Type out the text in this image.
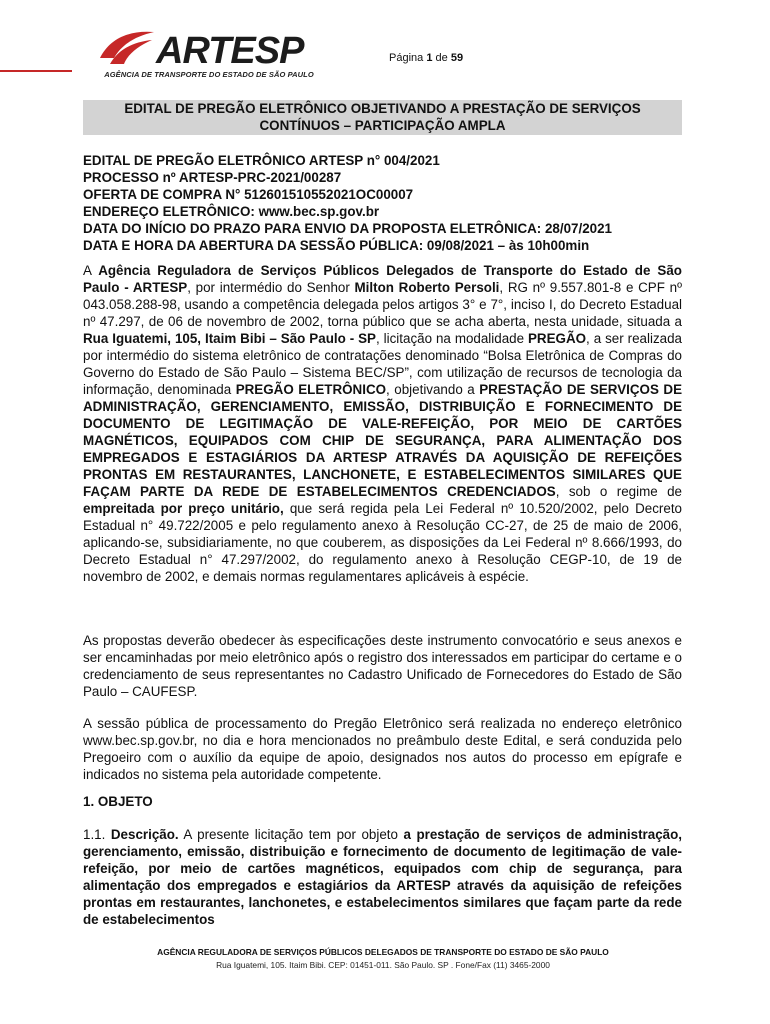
ARTESP
AGÊNCIA DE TRANSPORTE DO ESTADO DE SÃO PAULO
Página 1 de 59
EDITAL DE PREGÃO ELETRÔNICO OBJETIVANDO A PRESTAÇÃO DE SERVIÇOS
CONTÍNUOS – PARTICIPAÇÃO AMPLA
EDITAL DE PREGÃO ELETRÔNICO ARTESP n° 004/2021
PROCESSO nº ARTESP-PRC-2021/00287
OFERTA DE COMPRA N° 512601510552021OC00007
ENDEREÇO ELETRÔNICO: www.bec.sp.gov.br
DATA DO INÍCIO DO PRAZO PARA ENVIO DA PROPOSTA ELETRÔNICA: 28/07/2021
DATA E HORA DA ABERTURA DA SESSÃO PÚBLICA: 09/08/2021 – às 10h00min
A Agência Reguladora de Serviços Públicos Delegados de Transporte do Estado de São Paulo - ARTESP, por intermédio do Senhor Milton Roberto Persoli, RG nº 9.557.801-8 e CPF nº 043.058.288-98, usando a competência delegada pelos artigos 3° e 7°, inciso I, do Decreto Estadual nº 47.297, de 06 de novembro de 2002, torna público que se acha aberta, nesta unidade, situada a Rua Iguatemi, 105, Itaim Bibi – São Paulo - SP, licitação na modalidade PREGÃO, a ser realizada por intermédio do sistema eletrônico de contratações denominado “Bolsa Eletrônica de Compras do Governo do Estado de São Paulo – Sistema BEC/SP”, com utilização de recursos de tecnologia da informação, denominada PREGÃO ELETRÔNICO, objetivando a PRESTAÇÃO DE SERVIÇOS DE ADMINISTRAÇÃO, GERENCIAMENTO, EMISSÃO, DISTRIBUIÇÃO E FORNECIMENTO DE DOCUMENTO DE LEGITIMAÇÃO DE VALE-REFEIÇÃO, POR MEIO DE CARTÕES MAGNÉTICOS, EQUIPADOS COM CHIP DE SEGURANÇA, PARA ALIMENTAÇÃO DOS EMPREGADOS E ESTAGIÁRIOS DA ARTESP ATRAVÉS DA AQUISIÇÃO DE REFEIÇÕES PRONTAS EM RESTAURANTES, LANCHONETE, E ESTABELECIMENTOS SIMILARES QUE FAÇAM PARTE DA REDE DE ESTABELECIMENTOS CREDENCIADOS, sob o regime de empreitada por preço unitário, que será regida pela Lei Federal nº 10.520/2002, pelo Decreto Estadual n° 49.722/2005 e pelo regulamento anexo à Resolução CC-27, de 25 de maio de 2006, aplicando-se, subsidiariamente, no que couberem, as disposições da Lei Federal nº 8.666/1993, do Decreto Estadual n° 47.297/2002, do regulamento anexo à Resolução CEGP-10, de 19 de novembro de 2002, e demais normas regulamentares aplicáveis à espécie.
As propostas deverão obedecer às especificações deste instrumento convocatório e seus anexos e ser encaminhadas por meio eletrônico após o registro dos interessados em participar do certame e o credenciamento de seus representantes no Cadastro Unificado de Fornecedores do Estado de São Paulo – CAUFESP.
A sessão pública de processamento do Pregão Eletrônico será realizada no endereço eletrônico www.bec.sp.gov.br, no dia e hora mencionados no preâmbulo deste Edital, e será conduzida pelo Pregoeiro com o auxílio da equipe de apoio, designados nos autos do processo em epígrafe e indicados no sistema pela autoridade competente.
1. OBJETO
1.1. Descrição. A presente licitação tem por objeto a prestação de serviços de administração, gerenciamento, emissão, distribuição e fornecimento de documento de legitimação de vale-refeição, por meio de cartões magnéticos, equipados com chip de segurança, para alimentação dos empregados e estagiários da ARTESP através da aquisição de refeições prontas em restaurantes, lanchonetes, e estabelecimentos similares que façam parte da rede de estabelecimentos
AGÊNCIA REGULADORA DE SERVIÇOS PÚBLICOS DELEGADOS DE TRANSPORTE DO ESTADO DE SÃO PAULO
Rua Iguatemi, 105. Itaim Bibi. CEP: 01451-011. São Paulo. SP . Fone/Fax (11) 3465-2000
